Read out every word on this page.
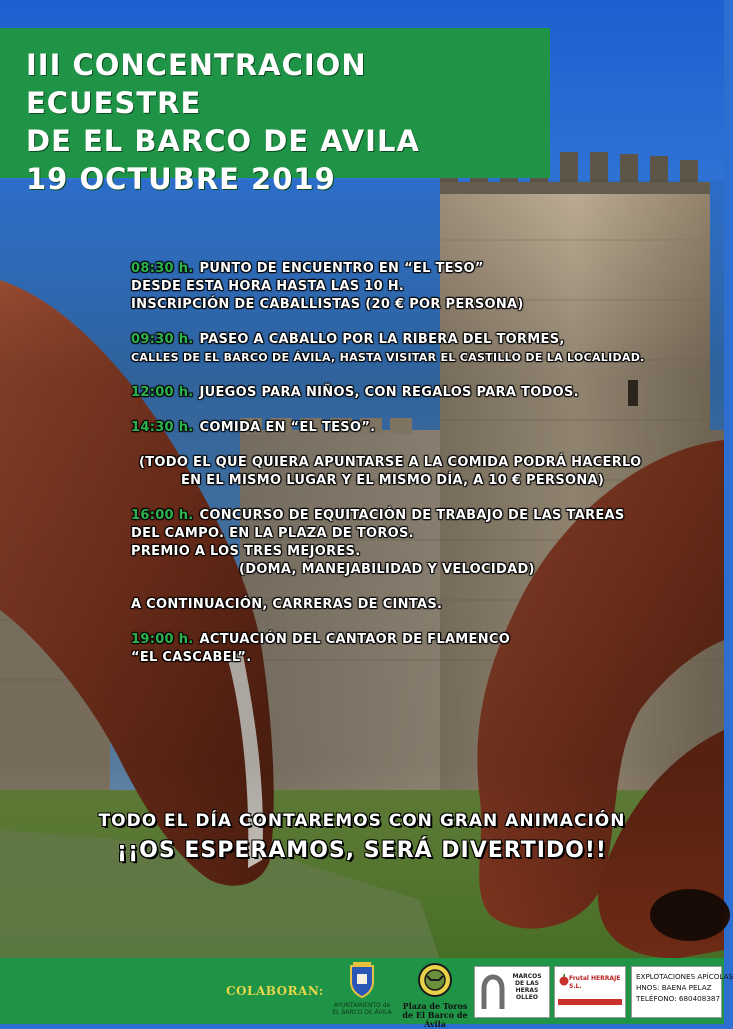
III CONCENTRACION ECUESTRE
DE EL BARCO DE AVILA
19 OCTUBRE 2019
08:30 h. PUNTO DE ENCUENTRO EN “EL TESO”
DESDE ESTA HORA HASTA LAS 10 H.
INSCRIPCIÓN DE CABALLISTAS (20 € POR PERSONA)
09:30 h. PASEO A CABALLO POR LA RIBERA DEL TORMES,
CALLES DE EL BARCO DE ÁVILA, HASTA VISITAR EL CASTILLO DE LA LOCALIDAD.
12:00 h. JUEGOS PARA NIÑOS, CON REGALOS PARA TODOS.
14:30 h. COMIDA EN “EL TESO”.
(TODO EL QUE QUIERA APUNTARSE A LA COMIDA PODRÁ HACERLO
EN EL MISMO LUGAR Y EL MISMO DÍA, A 10 € PERSONA)
16:00 h. CONCURSO DE EQUITACIÓN DE TRABAJO DE LAS TAREAS
DEL CAMPO. EN LA PLAZA DE TOROS.
PREMIO A LOS TRES MEJORES.
(DOMA, MANEJABILIDAD Y VELOCIDAD)
A CONTINUACIÓN, CARRERAS DE CINTAS.
19:00 h. ACTUACIÓN DEL CANTAOR DE FLAMENCO
“EL CASCABEL”.
TODO EL DÍA CONTAREMOS CON GRAN ANIMACIÓN
¡¡OS ESPERAMOS, SERÁ DIVERTIDO!!
COLABORAN:
AYUNTAMIENTO de EL BARCO DE ÁVILA
Plaza de Toros
de El Barco de Ávila
MARCOS DE LAS HERAS OLLEO
Frutal HERRAJE S.L.
EXPLOTACIONES APÍCOLAS
HNOS: BAENA PELAZ
TELÉFONO: 680408387
